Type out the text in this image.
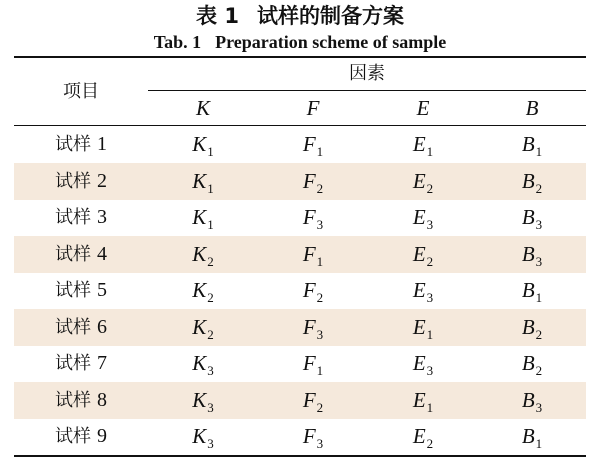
表 1 试样的制备方案
Tab. 1 Preparation scheme of sample
项目
因素
K	F	E	B
试样 1	$K_1$	$F_1$	$E_1$	$B_1$
试样 2	$K_1$	$F_2$	$E_2$	$B_2$
试样 3	$K_1$	$F_3$	$E_3$	$B_3$
试样 4	$K_2$	$F_1$	$E_2$	$B_3$
试样 5	$K_2$	$F_2$	$E_3$	$B_1$
试样 6	$K_2$	$F_3$	$E_1$	$B_2$
试样 7	$K_3$	$F_1$	$E_3$	$B_2$
试样 8	$K_3$	$F_2$	$E_1$	$B_3$
试样 9	$K_3$	$F_3$	$E_2$	$B_1$
